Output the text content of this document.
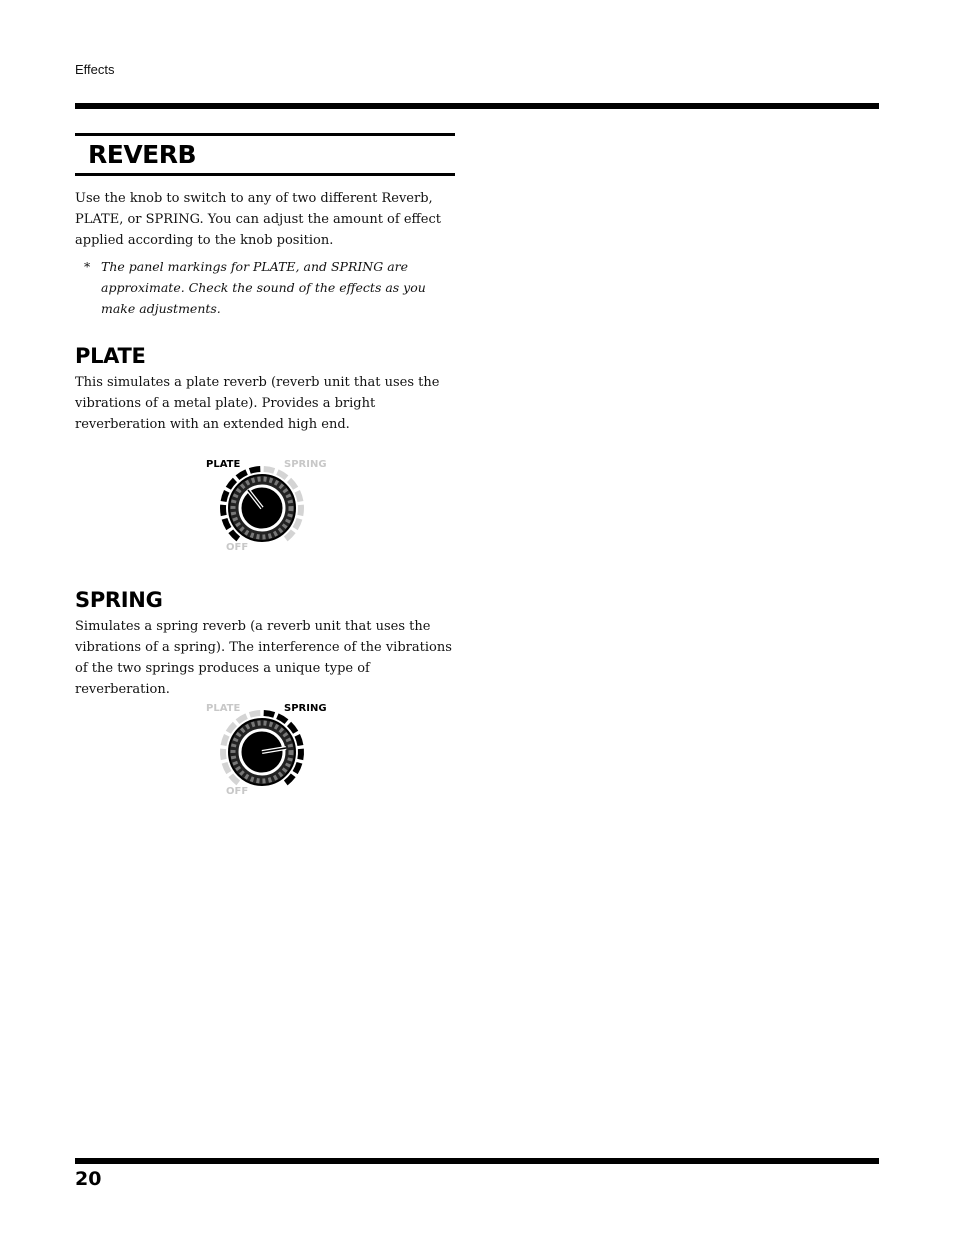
Effects
REVERB
Use the knob to switch to any of two different Reverb, PLATE, or SPRING. You can adjust the amount of effect applied according to the knob position.
* The panel markings for PLATE, and SPRING are approximate. Check the sound of the effects as you make adjustments.
PLATE
This simulates a plate reverb (reverb unit that uses the vibrations of a metal plate). Provides a bright reverberation with an extended high end.
PLATE	SPRING
OFF
SPRING
Simulates a spring reverb (a reverb unit that uses the vibrations of a spring). The interference of the vibrations of the two springs produces a unique type of reverberation.
PLATE	SPRING
OFF
20
